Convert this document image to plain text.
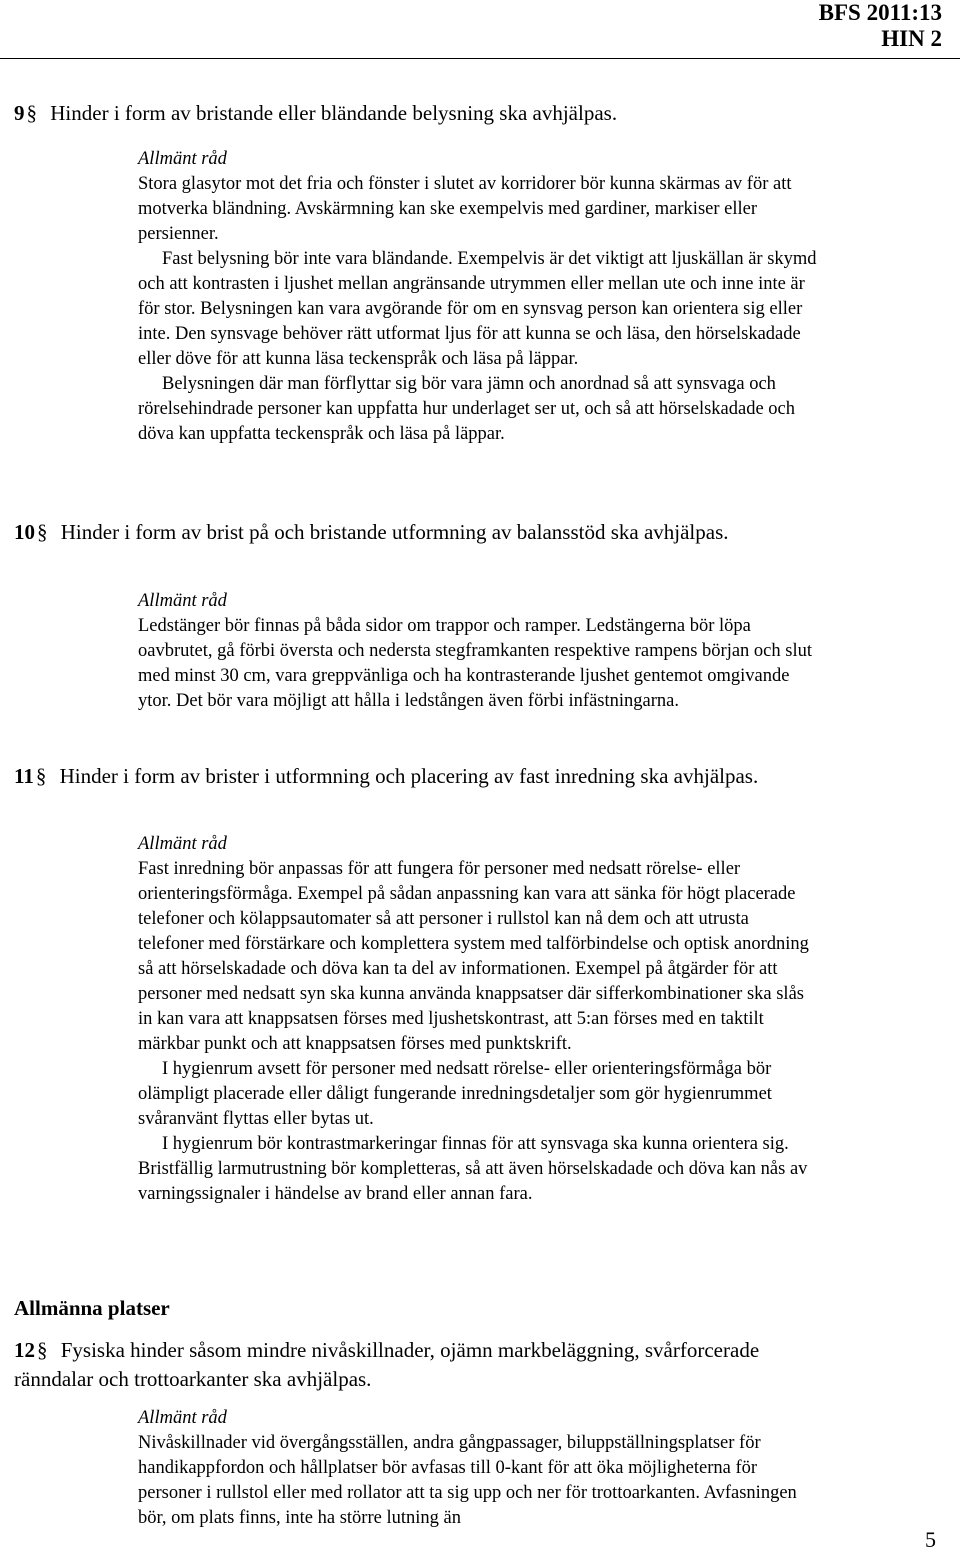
BFS 2011:13
HIN 2
9§ Hinder i form av bristande eller bländande belysning ska avhjälpas.

Allmänt råd

Stora glasytor mot det fria och fönster i slutet av korridorer bör kunna skärmas av för att motverka bländning. Avskärmning kan ske exempelvis med gardiner, markiser eller persienner.

Fast belysning bör inte vara bländande. Exempelvis är det viktigt att ljuskällan är skymd och att kontrasten i ljushet mellan angränsande utrymmen eller mellan ute och inne inte är för stor. Belysningen kan vara avgörande för om en synsvag person kan orientera sig eller inte. Den synsvage behöver rätt utformat ljus för att kunna se och läsa, den hörselskadade eller döve för att kunna läsa teckenspråk och läsa på läppar.

Belysningen där man förflyttar sig bör vara jämn och anordnad så att synsvaga och rörelsehindrade personer kan uppfatta hur underlaget ser ut, och så att hörselskadade och döva kan uppfatta teckenspråk och läsa på läppar.

10§ Hinder i form av brist på och bristande utformning av balansstöd ska avhjälpas.

Allmänt råd

Ledstänger bör finnas på båda sidor om trappor och ramper. Ledstängerna bör löpa oavbrutet, gå förbi översta och nedersta stegframkanten respektive rampens början och slut med minst 30 cm, vara greppvänliga och ha kontrasterande ljushet gentemot omgivande ytor. Det bör vara möjligt att hålla i ledstången även förbi infästningarna.

11§ Hinder i form av brister i utformning och placering av fast inredning ska avhjälpas.

Allmänt råd

Fast inredning bör anpassas för att fungera för personer med nedsatt rörelse- eller orienteringsförmåga. Exempel på sådan anpassning kan vara att sänka för högt placerade telefoner och kölappsautomater så att personer i rullstol kan nå dem och att utrusta telefoner med förstärkare och komplettera system med talförbindelse och optisk anordning så att hörselskadade och döva kan ta del av informationen. Exempel på åtgärder för att personer med nedsatt syn ska kunna använda knappsatser där sifferkombinationer ska slås in kan vara att knappsatsen förses med ljushetskontrast, att 5:an förses med en taktilt märkbar punkt och att knappsatsen förses med punktskrift.

I hygienrum avsett för personer med nedsatt rörelse- eller orienteringsförmåga bör olämpligt placerade eller dåligt fungerande inredningsdetaljer som gör hygienrummet svåranvänt flyttas eller bytas ut.

I hygienrum bör kontrastmarkeringar finnas för att synsvaga ska kunna orientera sig. Bristfällig larmutrustning bör kompletteras, så att även hörselskadade och döva kan nås av varningssignaler i händelse av brand eller annan fara.

Allmänna platser
12§ Fysiska hinder såsom mindre nivåskillnader, ojämn markbeläggning, svårforcerade ränndalar och trottoarkanter ska avhjälpas.

Allmänt råd

Nivåskillnader vid övergångsställen, andra gångpassager, biluppställningsplatser för handikappfordon och hållplatser bör avfasas till 0-kant för att öka möjligheterna för personer i rullstol eller med rollator att ta sig upp och ner för trottoarkanten. Avfasningen bör, om plats finns, inte ha större lutning än

5
